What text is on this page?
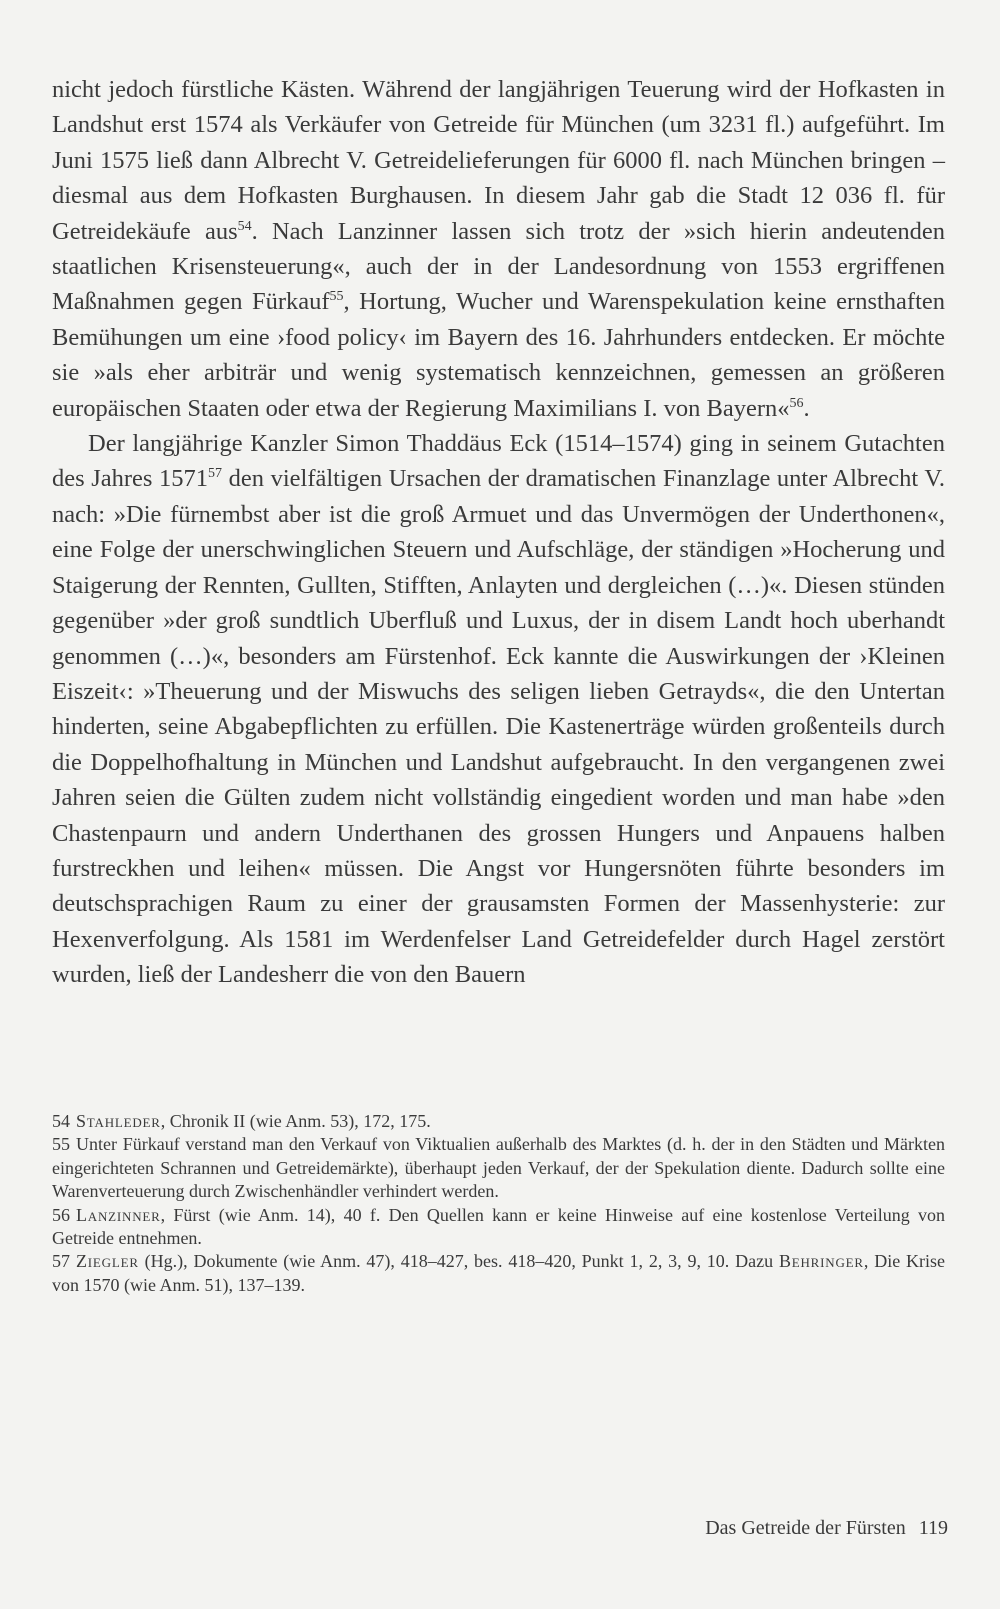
nicht jedoch fürstliche Kästen. Während der langjährigen Teuerung wird der Hofkasten in Landshut erst 1574 als Verkäufer von Getreide für München (um 3231 fl.) aufgeführt. Im Juni 1575 ließ dann Albrecht V. Getreidelieferungen für 6000 fl. nach München bringen – diesmal aus dem Hofkasten Burghausen. In diesem Jahr gab die Stadt 12 036 fl. für Getreidekäufe aus$^{54}$. Nach Lanzinner lassen sich trotz der »sich hierin andeutenden staatlichen Krisensteuerung«, auch der in der Landesordnung von 1553 ergriffenen Maßnahmen gegen Fürkauf$^{55}$, Hortung, Wucher und Warenspekulation keine ernsthaften Bemühungen um eine ›food policy‹ im Bayern des 16. Jahrhunders entdecken. Er möchte sie »als eher arbiträr und wenig systematisch kennzeichnen, gemessen an größeren europäischen Staaten oder etwa der Regierung Maximilians I. von Bayern«$^{56}$.

Der langjährige Kanzler Simon Thaddäus Eck (1514–1574) ging in seinem Gutachten des Jahres 1571$^{57}$ den vielfältigen Ursachen der dramatischen Finanzlage unter Albrecht V. nach: »Die fürnembst aber ist die groß Armuet und das Unvermögen der Underthonen«, eine Folge der unerschwinglichen Steuern und Aufschläge, der ständigen »Hocherung und Staigerung der Rennten, Gullten, Stifften, Anlayten und dergleichen (…)«. Diesen stünden gegenüber »der groß sundtlich Uberfluß und Luxus, der in disem Landt hoch uberhandt genommen (…)«, besonders am Fürstenhof. Eck kannte die Auswirkungen der ›Kleinen Eiszeit‹: »Theuerung und der Miswuchs des seligen lieben Getrayds«, die den Untertan hinderten, seine Abgabepflichten zu erfüllen. Die Kastenerträge würden großenteils durch die Doppelhofhaltung in München und Landshut aufgebraucht. In den vergangenen zwei Jahren seien die Gülten zudem nicht vollständig eingedient worden und man habe »den Chastenpaurn und andern Underthanen des grossen Hungers und Anpauens halben furstreckhen und leihen« müssen. Die Angst vor Hungersnöten führte besonders im deutschsprachigen Raum zu einer der grausamsten Formen der Massenhysterie: zur Hexenverfolgung. Als 1581 im Werdenfelser Land Getreidefelder durch Hagel zerstört wurden, ließ der Landesherr die von den Bauern

54 Stahleder, Chronik II (wie Anm. 53), 172, 175.

55 Unter Fürkauf verstand man den Verkauf von Viktualien außerhalb des Marktes (d. h. der in den Städten und Märkten eingerichteten Schrannen und Getreidemärkte), überhaupt jeden Verkauf, der der Spekulation diente. Dadurch sollte eine Warenverteuerung durch Zwischenhändler verhindert werden.

56 Lanzinner, Fürst (wie Anm. 14), 40 f. Den Quellen kann er keine Hinweise auf eine kostenlose Verteilung von Getreide entnehmen.

57 Ziegler (Hg.), Dokumente (wie Anm. 47), 418–427, bes. 418–420, Punkt 1, 2, 3, 9, 10. Dazu Behringer, Die Krise von 1570 (wie Anm. 51), 137–139.

Das Getreide der Fürsten 119
